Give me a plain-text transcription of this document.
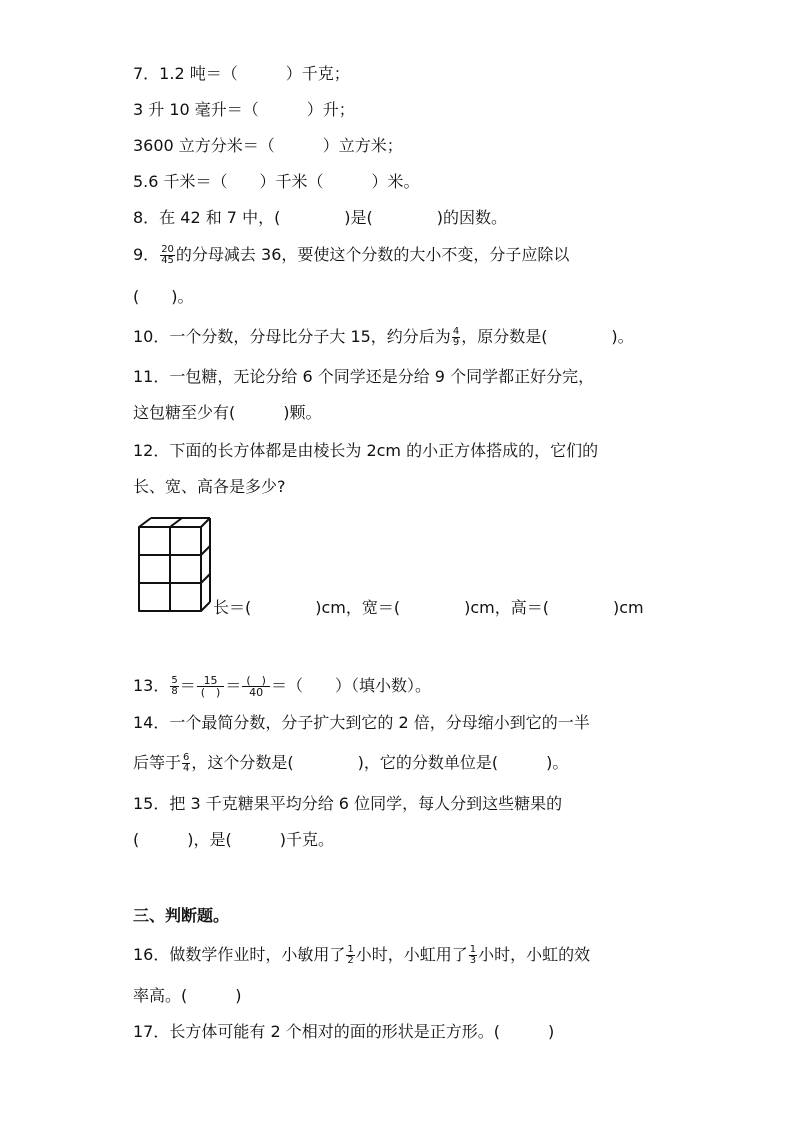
7．1.2 吨＝（　　　）千克；
3 升 10 毫升＝（　　　）升；
3600 立方分米＝（　　　）立方米；
5.6 千米＝（　　）千米（　　　）米。
8．在 42 和 7 中，(　　　　)是(　　　　)的因数。
9． $\frac{20}{45}$ 的分母减去 36，要使这个分数的大小不变，分子应除以
(　　)。
10．一个分数，分母比分子大 15，约分后为 $\frac{4}{9}$ ，原分数是(　　　　)。
11．一包糖，无论分给 6 个同学还是分给 9 个同学都正好分完，
这包糖至少有(　　　)颗。
12．下面的长方体都是由棱长为 2cm 的小正方体搭成的，它们的
长、宽、高各是多少?
长＝(　　　　)cm，宽＝(　　　　)cm，高＝(　　　　)cm
13． $\frac{5}{8} = \frac{15}{( )} = \frac{( )}{40}$ ＝（　　）（填小数）。
14．一个最简分数，分子扩大到它的 2 倍，分母缩小到它的一半
后等于 $\frac{6}{4}$ ，这个分数是(　　　　)，它的分数单位是(　　　)。
15．把 3 千克糖果平均分给 6 位同学，每人分到这些糖果的
(　　　)，是(　　　)千克。
三、判断题。
16．做数学作业时，小敏用了 $\frac{1}{2}$ 小时，小虹用了 $\frac{1}{3}$ 小时，小虹的效
率高。(　　　)
17．长方体可能有 2 个相对的面的形状是正方形。(　　　)
